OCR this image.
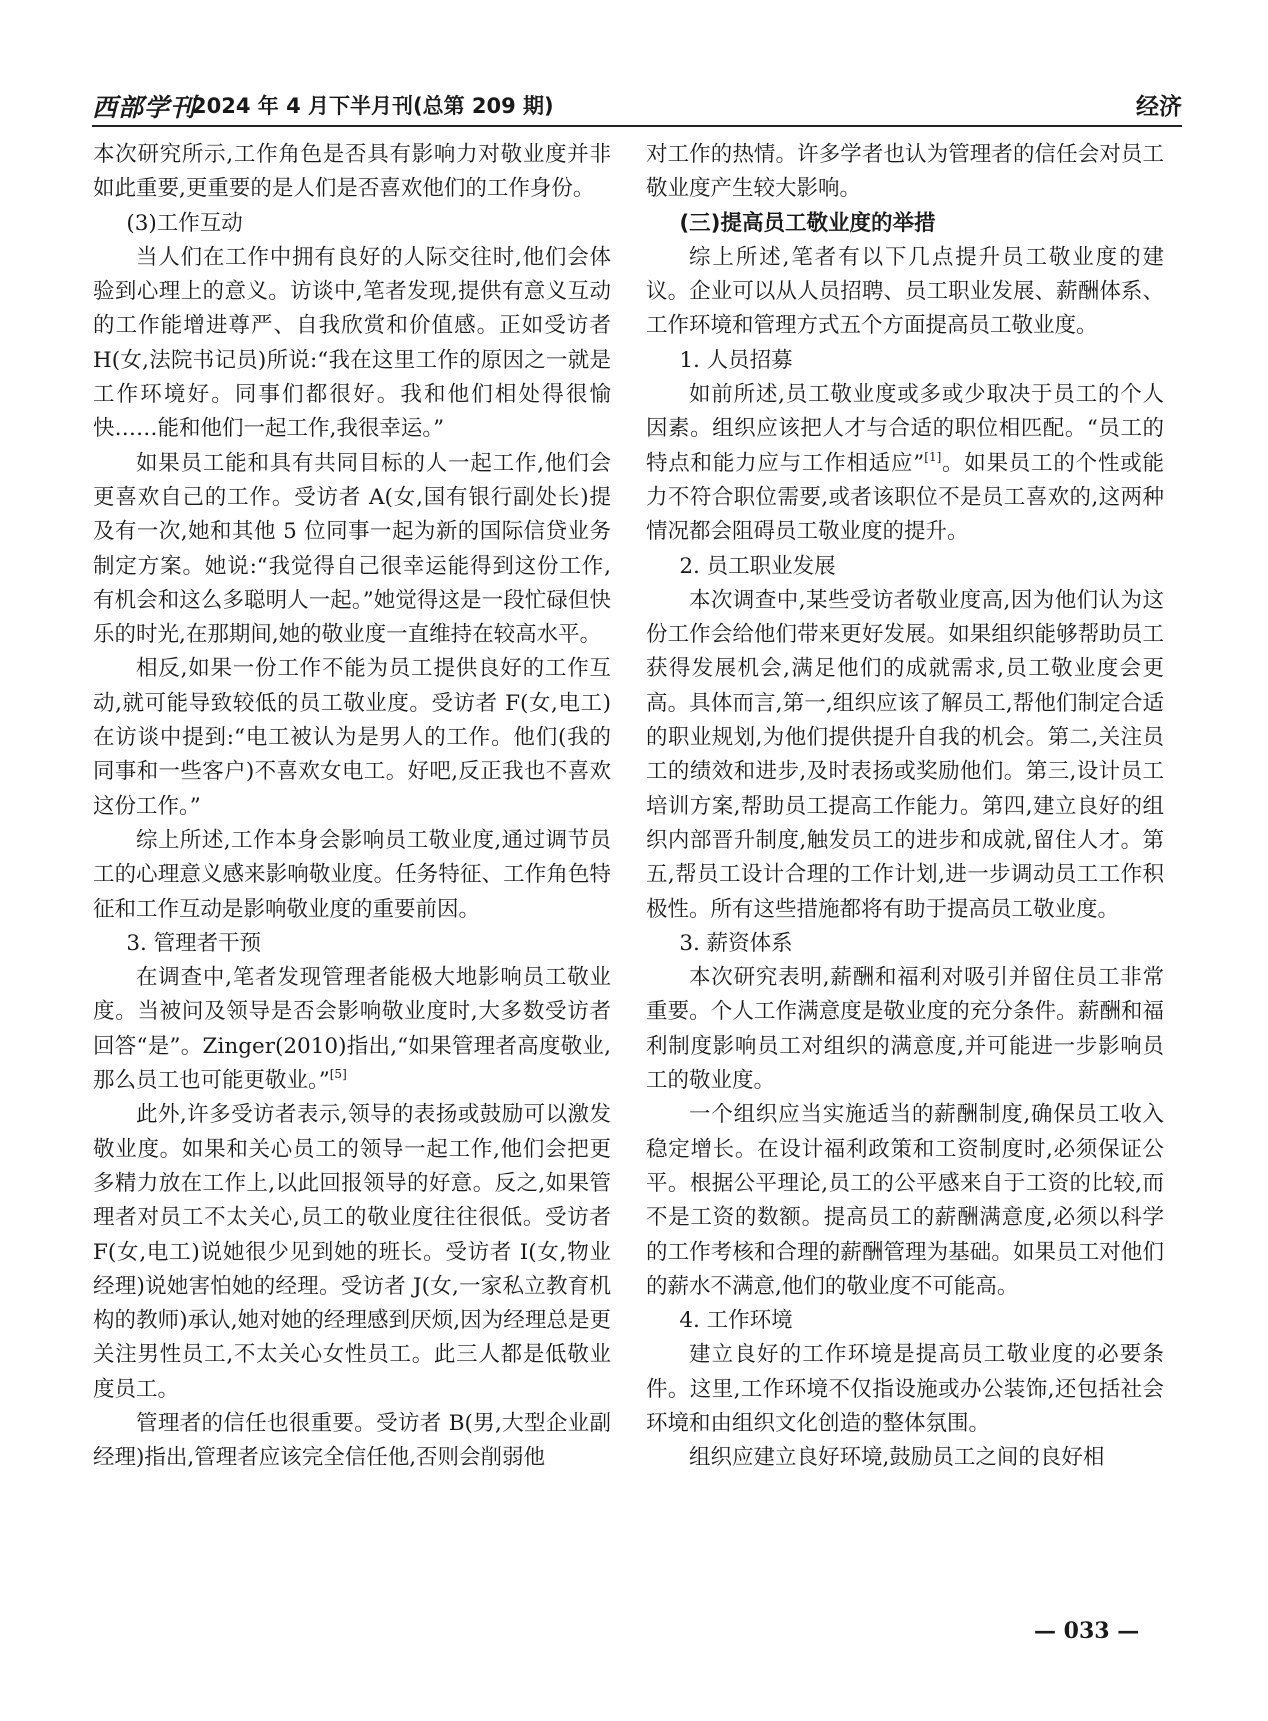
西部学刊
2024 年 4 月下半月刊(总第 209 期)	经济

本次研究所示,工作角色是否具有影响力对敬业度并非如此重要,更重要的是人们是否喜欢他们的工作身份。

(3)工作互动

当人们在工作中拥有良好的人际交往时,他们会体验到心理上的意义。访谈中,笔者发现,提供有意义互动的工作能增进尊严、自我欣赏和价值感。正如受访者 H(女,法院书记员)所说:“我在这里工作的原因之一就是工作环境好。同事们都很好。我和他们相处得很愉快……能和他们一起工作,我很幸运。”

如果员工能和具有共同目标的人一起工作,他们会更喜欢自己的工作。受访者 A(女,国有银行副处长)提及有一次,她和其他 5 位同事一起为新的国际信贷业务制定方案。她说:“我觉得自己很幸运能得到这份工作,有机会和这么多聪明人一起。”她觉得这是一段忙碌但快乐的时光,在那期间,她的敬业度一直维持在较高水平。

相反,如果一份工作不能为员工提供良好的工作互动,就可能导致较低的员工敬业度。受访者 F(女,电工)在访谈中提到:“电工被认为是男人的工作。他们(我的同事和一些客户)不喜欢女电工。好吧,反正我也不喜欢这份工作。”

综上所述,工作本身会影响员工敬业度,通过调节员工的心理意义感来影响敬业度。任务特征、工作角色特征和工作互动是影响敬业度的重要前因。

3. 管理者干预

在调查中,笔者发现管理者能极大地影响员工敬业度。当被问及领导是否会影响敬业度时,大多数受访者回答“是”。Zinger(2010)指出,“如果管理者高度敬业,那么员工也可能更敬业。”[5]

此外,许多受访者表示,领导的表扬或鼓励可以激发敬业度。如果和关心员工的领导一起工作,他们会把更多精力放在工作上,以此回报领导的好意。反之,如果管理者对员工不太关心,员工的敬业度往往很低。受访者 F(女,电工)说她很少见到她的班长。受访者 I(女,物业经理)说她害怕她的经理。受访者 J(女,一家私立教育机构的教师)承认,她对她的经理感到厌烦,因为经理总是更关注男性员工,不太关心女性员工。此三人都是低敬业度员工。

管理者的信任也很重要。受访者 B(男,大型企业副经理)指出,管理者应该完全信任他,否则会削弱他

对工作的热情。许多学者也认为管理者的信任会对员工敬业度产生较大影响。

(三)提高员工敬业度的举措

综上所述,笔者有以下几点提升员工敬业度的建议。企业可以从人员招聘、员工职业发展、薪酬体系、工作环境和管理方式五个方面提高员工敬业度。

1. 人员招募

如前所述,员工敬业度或多或少取决于员工的个人因素。组织应该把人才与合适的职位相匹配。“员工的特点和能力应与工作相适应”[1]。如果员工的个性或能力不符合职位需要,或者该职位不是员工喜欢的,这两种情况都会阻碍员工敬业度的提升。

2. 员工职业发展

本次调查中,某些受访者敬业度高,因为他们认为这份工作会给他们带来更好发展。如果组织能够帮助员工获得发展机会,满足他们的成就需求,员工敬业度会更高。具体而言,第一,组织应该了解员工,帮他们制定合适的职业规划,为他们提供提升自我的机会。第二,关注员工的绩效和进步,及时表扬或奖励他们。第三,设计员工培训方案,帮助员工提高工作能力。第四,建立良好的组织内部晋升制度,触发员工的进步和成就,留住人才。第五,帮员工设计合理的工作计划,进一步调动员工工作积极性。所有这些措施都将有助于提高员工敬业度。

3. 薪资体系

本次研究表明,薪酬和福利对吸引并留住员工非常重要。个人工作满意度是敬业度的充分条件。薪酬和福利制度影响员工对组织的满意度,并可能进一步影响员工的敬业度。

一个组织应当实施适当的薪酬制度,确保员工收入稳定增长。在设计福利政策和工资制度时,必须保证公平。根据公平理论,员工的公平感来自于工资的比较,而不是工资的数额。提高员工的薪酬满意度,必须以科学的工作考核和合理的薪酬管理为基础。如果员工对他们的薪水不满意,他们的敬业度不可能高。

4. 工作环境

建立良好的工作环境是提高员工敬业度的必要条件。这里,工作环境不仅指设施或办公装饰,还包括社会环境和由组织文化创造的整体氛围。

组织应建立良好环境,鼓励员工之间的良好相

— 033 —
